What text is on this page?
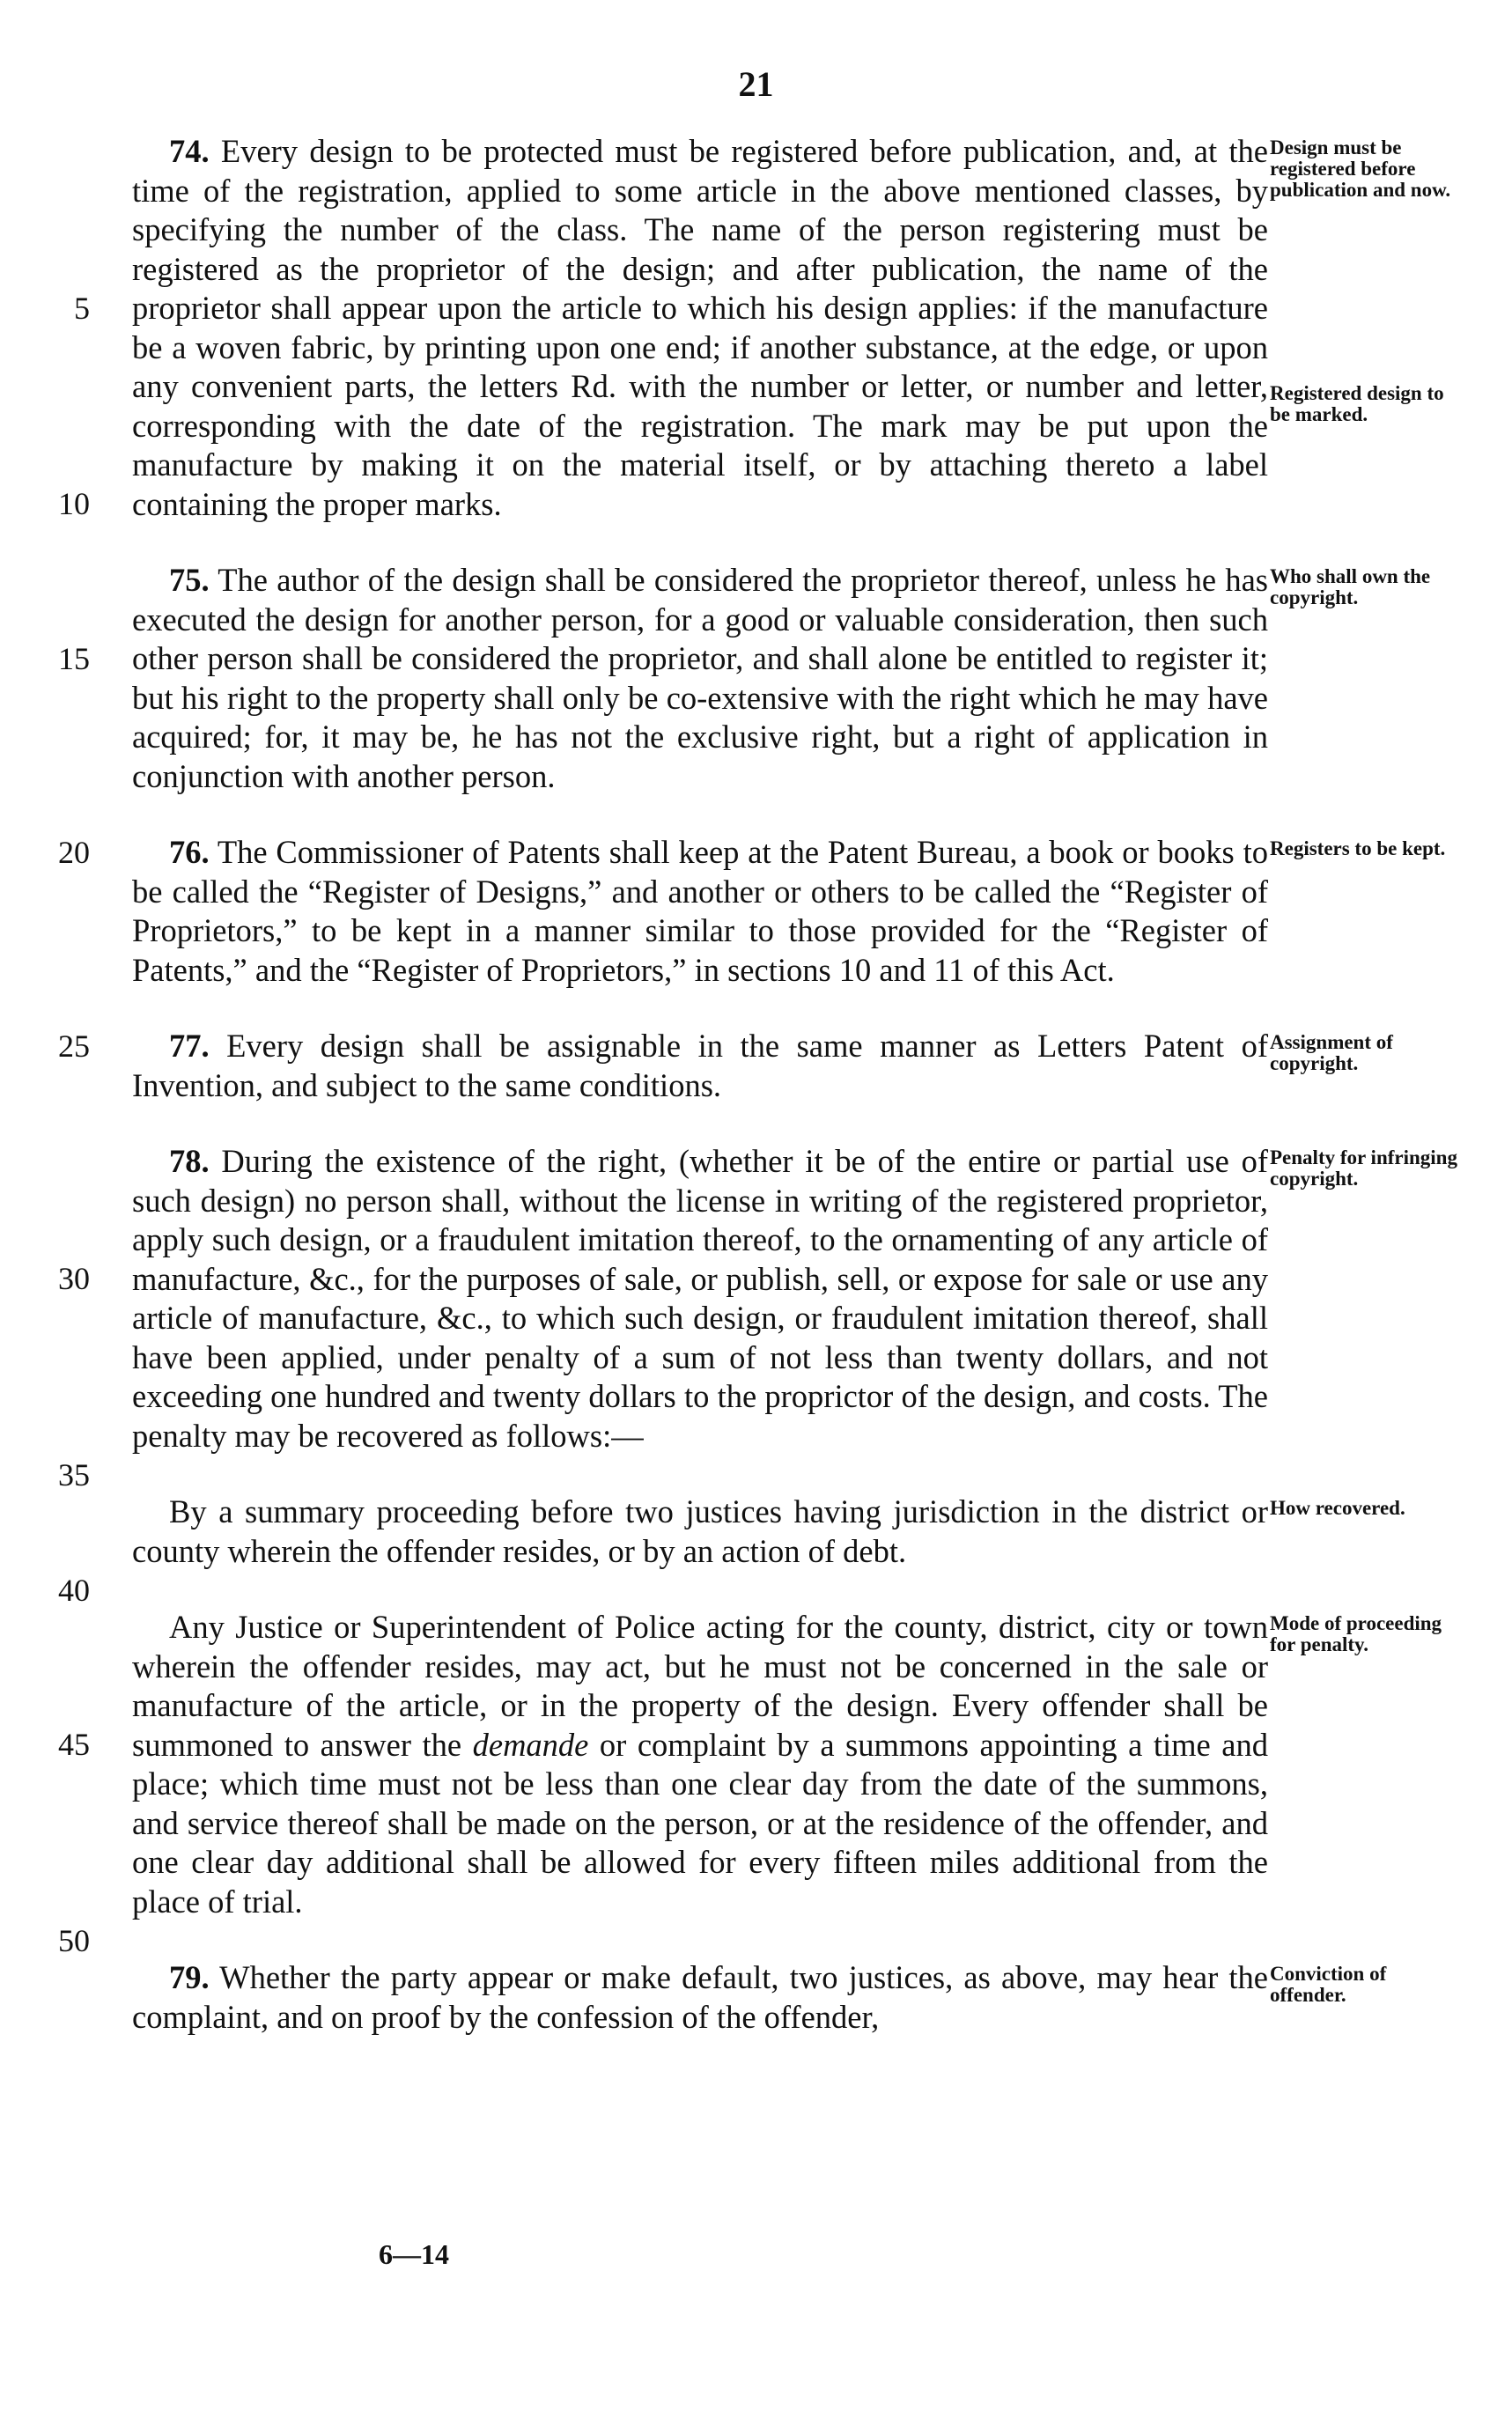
21
Design must be registered before publication and now.
Registered design to be marked.
5
10
74. Every design to be protected must be registered before publication, and, at the time of the registration, applied to some article in the above mentioned classes, by specifying the number of the class. The name of the person registering must be registered as the proprietor of the design; and after publication, the name of the proprietor shall appear upon the article to which his design applies: if the manufacture be a woven fabric, by printing upon one end; if another substance, at the edge, or upon any convenient parts, the letters Rd. with the number or letter, or number and letter, corresponding with the date of the registration. The mark may be put upon the manufacture by making it on the material itself, or by attaching thereto a label containing the proper marks.
Who shall own the copyright.
15
75. The author of the design shall be considered the proprietor thereof, unless he has executed the design for another person, for a good or valuable consideration, then such other person shall be considered the proprietor, and shall alone be entitled to register it; but his right to the property shall only be co-extensive with the right which he may have acquired; for, it may be, he has not the exclusive right, but a right of application in conjunction with another person.
Registers to be kept.
20 76. The Commissioner of Patents shall keep at the Patent Bureau, a book or books to be called the “Register of Designs,” and another or others to be called the “Register of Proprietors,” to be kept in a manner similar to those provided for the “Register of Patents,” and the “Register of Proprietors,” in sections 10 and 11 of this Act.
Assignment of copyright.
25 77. Every design shall be assignable in the same manner as Letters Patent of Invention, and subject to the same conditions.
Penalty for infringing copyright.
30
35
78. During the existence of the right, (whether it be of the entire or partial use of such design) no person shall, without the license in writing of the registered proprietor, apply such design, or a fraudulent imitation thereof, to the ornamenting of any article of manufacture, &c., for the purposes of sale, or publish, sell, or expose for sale or use any article of manufacture, &c., to which such design, or fraudulent imitation thereof, shall have been applied, under penalty of a sum of not less than twenty dollars, and not exceeding one hundred and twenty dollars to the proprictor of the design, and costs. The penalty may be recovered as follows:—
How recovered.
40
By a summary proceeding before two justices having jurisdiction in the district or county wherein the offender resides, or by an action of debt.
Mode of proceeding for penalty.
45
50
Any Justice or Superintendent of Police acting for the county, district, city or town wherein the offender resides, may act, but he must not be concerned in the sale or manufacture of the article, or in the property of the design. Every offender shall be summoned to answer the demande or complaint by a summons appointing a time and place; which time must not be less than one clear day from the date of the summons, and service thereof shall be made on the person, or at the residence of the offender, and one clear day additional shall be allowed for every fifteen miles additional from the place of trial.
Conviction of offender.
79. Whether the party appear or make default, two justices, as above, may hear the complaint, and on proof by the confession of the offender,
6—14
